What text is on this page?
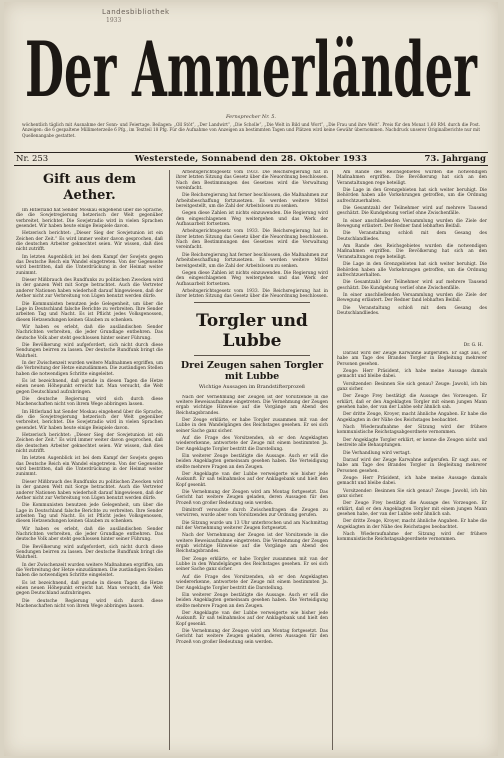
Landesbibliothek
1933
Der Ammerländer
Fernsprecher Nr. 5.
wöchentlich täglich mit Ausnahme der Sonn- und Feiertage. Beilagen: „Oll Stöt“, „Der Landwirt“, „Die Scholle“, „Die Welt in Bild und Wort“, „Die Frau und ihre Welt“. Preis für den Monat 1,60 RM. durch die Post. Anzeigen: die 6 gespaltene Millimeterzeile 6 Pfg., im Textteil 18 Pfg. Für die Aufnahme von Anzeigen an bestimmten Tagen und Plätzen wird keine Gewähr übernommen. Nachdruck unserer Originalberichte nur mit Quellenangabe gestattet.
Nr. 253	Westerstede, Sonnabend den 28. Oktober 1933	73. Jahrgang
Gift aus dem Aether.

Im Hitlerland hat Sender Moskau eingehend über die Sprache, die die Sowjetregierung hetzerisch der Welt gegenüber verbreitet, berichtet. Die Sowjetradio wird in vielen Sprachen gesendet. Wir haben heute einige Beispiele davon.

Hetzerisch berichtet: „Dieser Sieg der Sowjetunion ist ein Zeichen der Zeit.“ Es wird immer weiter davon gesprochen, daß die deutschen Arbeiter geknechtet seien. Wir wissen, daß dies nicht zutrifft.

Im letzten Augenblick ist bei dem Kampf der Sowjets gegen das Deutsche Reich ein Wandel eingetreten. Von der Gegenseite wird bestritten, daß die Unterdrückung in der Heimat weiter zunimmt.

Dieser Mißbrauch des Rundfunks zu politischen Zwecken wird in der ganzen Welt mit Sorge betrachtet. Auch die Vertreter anderer Nationen haben wiederholt darauf hingewiesen, daß der Aether nicht zur Verbreitung von Lügen benutzt werden dürfe.

Die Kommunisten benutzen jede Gelegenheit, um über die Lage in Deutschland falsche Berichte zu verbreiten. Ihre Sender arbeiten Tag und Nacht. Es ist Pflicht jedes Volksgenossen, diesen Hetzsendungen keinen Glauben zu schenken.

Wir haben es erlebt, daß die ausländischen Sender Nachrichten verbreiten, die jeder Grundlage entbehren. Das deutsche Volk aber steht geschlossen hinter seiner Führung.

Die Bevölkerung wird aufgefordert, sich nicht durch diese Sendungen beirren zu lassen. Der deutsche Rundfunk bringt die Wahrheit.

In der Zwischenzeit wurden weitere Maßnahmen ergriffen, um die Verbreitung der Hetze einzudämmen. Die zuständigen Stellen haben die notwendigen Schritte eingeleitet.

Es ist bezeichnend, daß gerade in diesen Tagen die Hetze einen neuen Höhepunkt erreicht hat. Man versucht, die Welt gegen Deutschland aufzubringen.

Die deutsche Regierung wird sich durch diese Machenschaften nicht von ihrem Wege abbringen lassen.

Im Hitlerland hat Sender Moskau eingehend über die Sprache, die die Sowjetregierung hetzerisch der Welt gegenüber verbreitet, berichtet. Die Sowjetradio wird in vielen Sprachen gesendet. Wir haben heute einige Beispiele davon.

Hetzerisch berichtet: „Dieser Sieg der Sowjetunion ist ein Zeichen der Zeit.“ Es wird immer weiter davon gesprochen, daß die deutschen Arbeiter geknechtet seien. Wir wissen, daß dies nicht zutrifft.

Im letzten Augenblick ist bei dem Kampf der Sowjets gegen das Deutsche Reich ein Wandel eingetreten. Von der Gegenseite wird bestritten, daß die Unterdrückung in der Heimat weiter zunimmt.

Dieser Mißbrauch des Rundfunks zu politischen Zwecken wird in der ganzen Welt mit Sorge betrachtet. Auch die Vertreter anderer Nationen haben wiederholt darauf hingewiesen, daß der Aether nicht zur Verbreitung von Lügen benutzt werden dürfe.

Die Kommunisten benutzen jede Gelegenheit, um über die Lage in Deutschland falsche Berichte zu verbreiten. Ihre Sender arbeiten Tag und Nacht. Es ist Pflicht jedes Volksgenossen, diesen Hetzsendungen keinen Glauben zu schenken.

Wir haben es erlebt, daß die ausländischen Sender Nachrichten verbreiten, die jeder Grundlage entbehren. Das deutsche Volk aber steht geschlossen hinter seiner Führung.

Die Bevölkerung wird aufgefordert, sich nicht durch diese Sendungen beirren zu lassen. Der deutsche Rundfunk bringt die Wahrheit.

In der Zwischenzeit wurden weitere Maßnahmen ergriffen, um die Verbreitung der Hetze einzudämmen. Die zuständigen Stellen haben die notwendigen Schritte eingeleitet.

Es ist bezeichnend, daß gerade in diesen Tagen die Hetze einen neuen Höhepunkt erreicht hat. Man versucht, die Welt gegen Deutschland aufzubringen.

Die deutsche Regierung wird sich durch diese Machenschaften nicht von ihrem Wege abbringen lassen.

Arbeitsgerichtsgesetz vom 1933. Die Reichsregierung hat in ihrer letzten Sitzung das Gesetz über die Neuordnung beschlossen. Nach den Bestimmungen des Gesetzes wird die Verwaltung vereinfacht.

Die Reichsregierung hat ferner beschlossen, die Maßnahmen zur Arbeitsbeschaffung fortzusetzen. Es werden weitere Mittel bereitgestellt, um die Zahl der Arbeitslosen zu senken.

Gegen diese Zahlen ist nichts einzuwenden. Die Regierung wird den eingeschlagenen Weg weitergehen und das Werk der Aufbauarbeit fortsetzen.

Arbeitsgerichtsgesetz vom 1933. Die Reichsregierung hat in ihrer letzten Sitzung das Gesetz über die Neuordnung beschlossen. Nach den Bestimmungen des Gesetzes wird die Verwaltung vereinfacht.

Die Reichsregierung hat ferner beschlossen, die Maßnahmen zur Arbeitsbeschaffung fortzusetzen. Es werden weitere Mittel bereitgestellt, um die Zahl der Arbeitslosen zu senken.

Gegen diese Zahlen ist nichts einzuwenden. Die Regierung wird den eingeschlagenen Weg weitergehen und das Werk der Aufbauarbeit fortsetzen.

Arbeitsgerichtsgesetz vom 1933. Die Reichsregierung hat in ihrer letzten Sitzung das Gesetz über die Neuordnung beschlossen.

Torgler und Lubbe
Drei Zeugen sahen Torgler mit Lubbe
Wichtige Aussagen im Brandstifterprozeß

Nach der Vernehmung der Zeugen ist der Vorsitzende in die weitere Beweisaufnahme eingetreten. Die Vernehmung der Zeugen ergab wichtige Hinweise auf die Vorgänge am Abend des Reichstagsbrandes.

Der Zeuge erklärte, er habe Torgler zusammen mit van der Lubbe in den Wandelgängen des Reichstages gesehen. Er sei sich seiner Sache ganz sicher.

Auf die Frage des Vorsitzenden, ob er den Angeklagten wiedererkenne, antwortete der Zeuge mit einem bestimmten Ja. Der Angeklagte Torgler bestritt die Darstellung.

Ein weiterer Zeuge bestätigte die Aussage. Auch er will die beiden Angeklagten gemeinsam gesehen haben. Die Verteidigung stellte mehrere Fragen an den Zeugen.

Der Angeklagte van der Lubbe verweigerte wie bisher jede Auskunft. Er saß teilnahmslos auf der Anklagebank und hielt den Kopf gesenkt.

Die Vernehmung der Zeugen wird am Montag fortgesetzt. Das Gericht hat weitere Zeugen geladen, deren Aussagen für den Prozeß von großer Bedeutung sein werden.

Dimitroff versuchte durch Zwischenfragen die Zeugen zu verwirren, wurde aber vom Vorsitzenden zur Ordnung gerufen.

Die Sitzung wurde um 13 Uhr unterbrochen und am Nachmittag mit der Vernehmung weiterer Zeugen fortgesetzt.

Nach der Vernehmung der Zeugen ist der Vorsitzende in die weitere Beweisaufnahme eingetreten. Die Vernehmung der Zeugen ergab wichtige Hinweise auf die Vorgänge am Abend des Reichstagsbrandes.

Der Zeuge erklärte, er habe Torgler zusammen mit van der Lubbe in den Wandelgängen des Reichstages gesehen. Er sei sich seiner Sache ganz sicher.

Auf die Frage des Vorsitzenden, ob er den Angeklagten wiedererkenne, antwortete der Zeuge mit einem bestimmten Ja. Der Angeklagte Torgler bestritt die Darstellung.

Ein weiterer Zeuge bestätigte die Aussage. Auch er will die beiden Angeklagten gemeinsam gesehen haben. Die Verteidigung stellte mehrere Fragen an den Zeugen.

Der Angeklagte van der Lubbe verweigerte wie bisher jede Auskunft. Er saß teilnahmslos auf der Anklagebank und hielt den Kopf gesenkt.

Die Vernehmung der Zeugen wird am Montag fortgesetzt. Das Gericht hat weitere Zeugen geladen, deren Aussagen für den Prozeß von großer Bedeutung sein werden.

Am Rande des Reichsgebietes wurden die notwendigen Maßnahmen ergriffen. Die Bevölkerung hat sich an den Veranstaltungen rege beteiligt.

Die Lage in den Grenzgebieten hat sich weiter beruhigt. Die Behörden haben alle Vorkehrungen getroffen, um die Ordnung aufrechtzuerhalten.

Die Gesamtzahl der Teilnehmer wird auf mehrere Tausend geschätzt. Die Kundgebung verlief ohne Zwischenfälle.

In einer anschließenden Versammlung wurden die Ziele der Bewegung erläutert. Der Redner fand lebhaften Beifall.

Die Veranstaltung schloß mit dem Gesang des Deutschlandliedes.

Am Rande des Reichsgebietes wurden die notwendigen Maßnahmen ergriffen. Die Bevölkerung hat sich an den Veranstaltungen rege beteiligt.

Die Lage in den Grenzgebieten hat sich weiter beruhigt. Die Behörden haben alle Vorkehrungen getroffen, um die Ordnung aufrechtzuerhalten.

Die Gesamtzahl der Teilnehmer wird auf mehrere Tausend geschätzt. Die Kundgebung verlief ohne Zwischenfälle.

In einer anschließenden Versammlung wurden die Ziele der Bewegung erläutert. Der Redner fand lebhaften Beifall.

Die Veranstaltung schloß mit dem Gesang des Deutschlandliedes.

Dr. G. H.

Darauf wird der Zeuge Karwahne aufgerufen. Er sagt aus, er habe am Tage des Brandes Torgler in Begleitung mehrerer Personen gesehen.

Zeuge: Herr Präsident, ich habe meine Aussage damals gemacht und bleibe dabei.

Vorsitzender: Besinnen Sie sich genau? Zeuge: Jawohl, ich bin ganz sicher.

Der Zeuge Frey bestätigt die Aussage des Vorzeugen. Er erklärt, daß er den Angeklagten Torgler mit einem jungen Mann gesehen habe, der van der Lubbe sehr ähnlich sah.

Der dritte Zeuge, Kroyer, macht ähnliche Angaben. Er habe die Angeklagten in der Nähe des Reichstages beobachtet.

Nach Wiederaufnahme der Sitzung wird der frühere kommunistische Reichstagsabgeordnete vernommen.

Der Angeklagte Torgler erklärt, er kenne die Zeugen nicht und bestreite alle Behauptungen.

Die Verhandlung wird vertagt.

Darauf wird der Zeuge Karwahne aufgerufen. Er sagt aus, er habe am Tage des Brandes Torgler in Begleitung mehrerer Personen gesehen.

Zeuge: Herr Präsident, ich habe meine Aussage damals gemacht und bleibe dabei.

Vorsitzender: Besinnen Sie sich genau? Zeuge: Jawohl, ich bin ganz sicher.

Der Zeuge Frey bestätigt die Aussage des Vorzeugen. Er erklärt, daß er den Angeklagten Torgler mit einem jungen Mann gesehen habe, der van der Lubbe sehr ähnlich sah.

Der dritte Zeuge, Kroyer, macht ähnliche Angaben. Er habe die Angeklagten in der Nähe des Reichstages beobachtet.

Nach Wiederaufnahme der Sitzung wird der frühere kommunistische Reichstagsabgeordnete vernommen.
